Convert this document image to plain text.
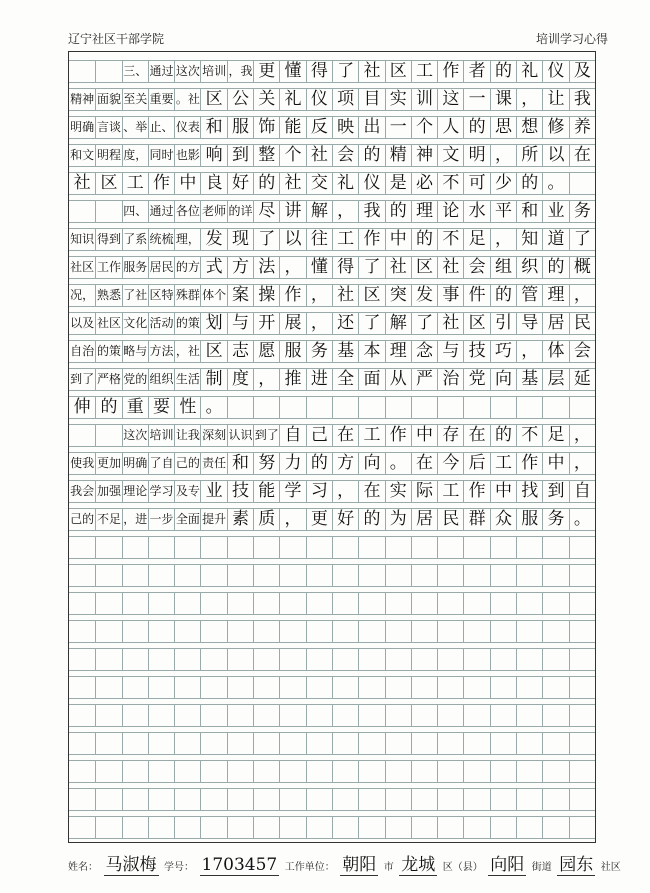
辽宁社区干部学院	培训学习心得
三、 通过 这次 培训 ，我 更 懂 得 了 社 区 工 作 者 的 礼 仪 及
精神 面貌 至关 重要 。社 区 公 关 礼 仪 项 目 实 训 这 一 课 ， 让 我
明确 言谈 、举 止、 仪表 和 服 饰 能 反 映 出 一 个 人 的 思 想 修 养
和文 明程 度， 同时 也影 响 到 整 个 社 会 的 精 神 文 明 ， 所 以 在
社 区 工 作 中 良 好 的 社 交 礼 仪 是 必 不 可 少 的 。
四、 通过 各位 老师 的详 尽 讲 解 ， 我 的 理 论 水 平 和 业 务
知识 得到 了系 统梳 理， 发 现 了 以 往 工 作 中 的 不 足 ， 知 道 了
社区 工作 服务 居民 的方 式 方 法 ， 懂 得 了 社 区 社 会 组 织 的 概
况， 熟悉 了社 区特 殊群 体个 案 操 作 ， 社 区 突 发 事 件 的 管 理 ，
以及 社区 文化 活动 的策 划 与 开 展 ， 还 了 解 了 社 区 引 导 居 民
自治 的策 略与 方法 ，社 区 志 愿 服 务 基 本 理 念 与 技 巧 ， 体 会
到了 严格 党的 组织 生活 制 度 ， 推 进 全 面 从 严 治 党 向 基 层 延
伸 的 重 要 性 。
这次 培训 让我 深刻 认识 到了 自 己 在 工 作 中 存 在 的 不 足 ，
使我 更加 明确 了自 己的 责任 和 努 力 的 方 向 。 在 今 后 工 作 中 ，
我会 加强 理论 学习 及专 业 技 能 学 习 ， 在 实 际 工 作 中 找 到 自
己的 不足 ，进 一步 全面 提升 素 质 ， 更 好 的 为 居 民 群 众 服 务 。
姓名： 马淑梅 学号： 1703457 工作单位： 朝阳 市 龙城 区（县） 向阳 街道 园东 社区
